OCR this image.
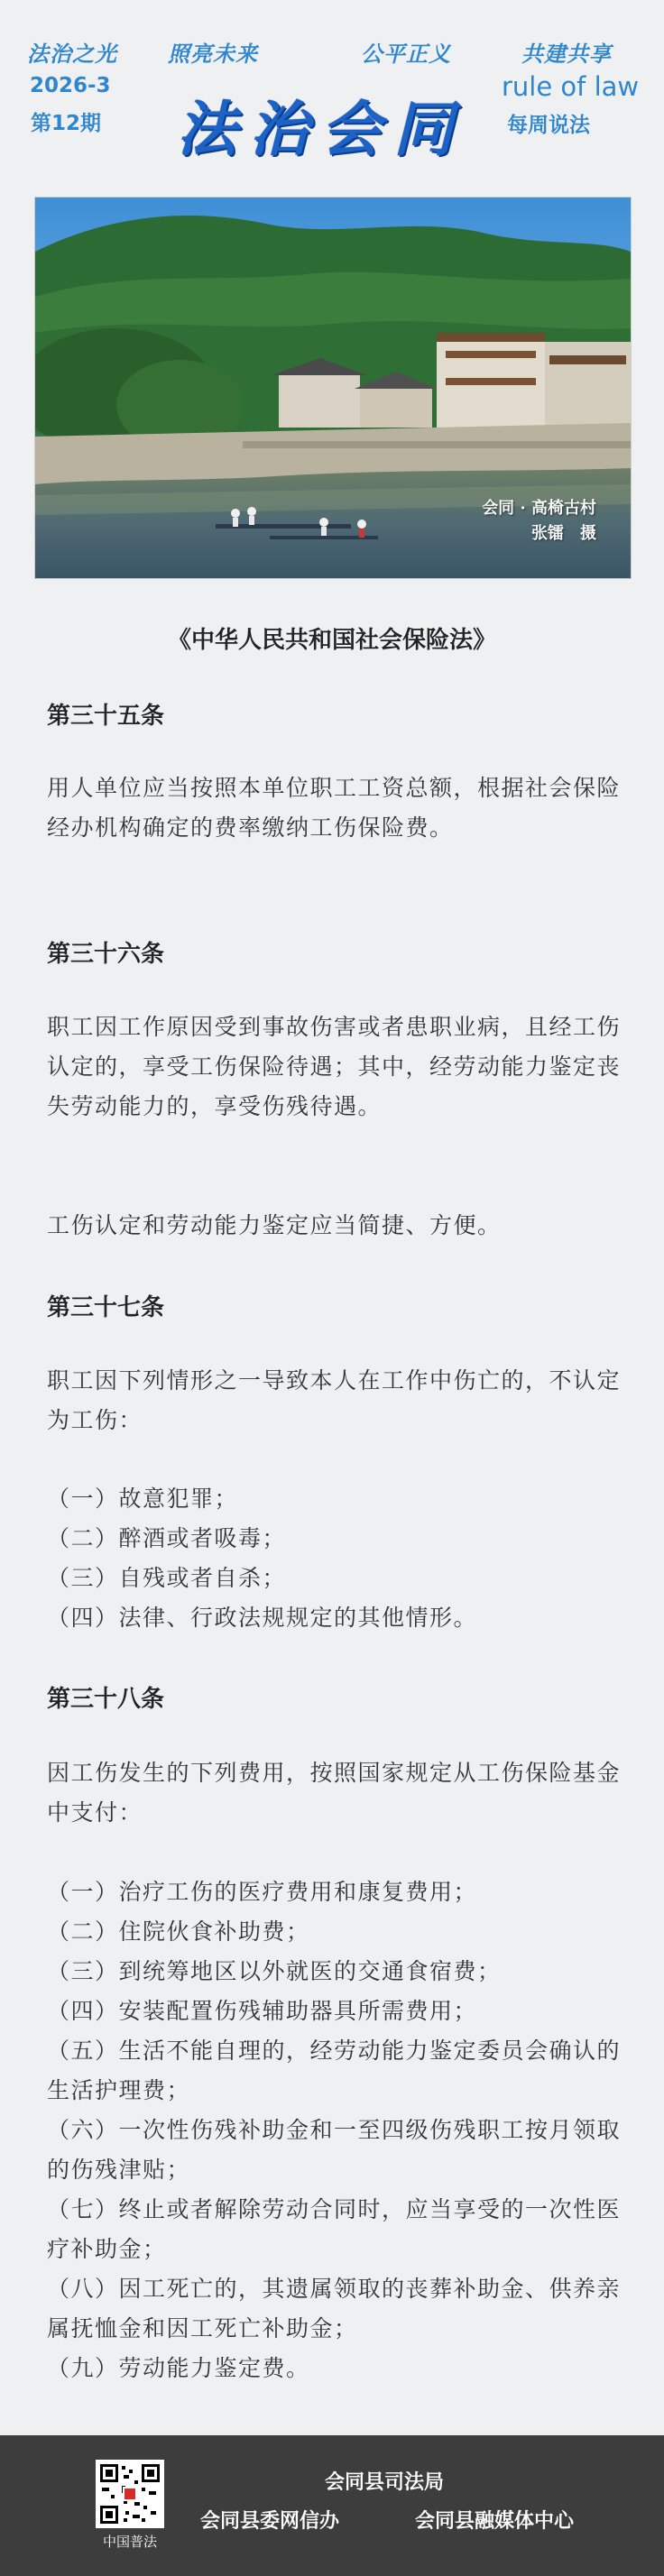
法治之光 照亮未来	公平正义	共建共享
2026-3
第12期 法治会同
rule of law
每周说法
会同 · 高椅古村
张镭　摄
《中华人民共和国社会保险法》
第三十五条
用人单位应当按照本单位职工工资总额，根据社会保险经办机构确定的费率缴纳工伤保险费。
第三十六条
职工因工作原因受到事故伤害或者患职业病，且经工伤认定的，享受工伤保险待遇；其中，经劳动能力鉴定丧失劳动能力的，享受伤残待遇。
工伤认定和劳动能力鉴定应当简捷、方便。
第三十七条
职工因下列情形之一导致本人在工作中伤亡的，不认定为工伤：
（一）故意犯罪；
（二）醉酒或者吸毒；
（三）自残或者自杀；
（四）法律、行政法规规定的其他情形。
第三十八条
因工伤发生的下列费用，按照国家规定从工伤保险基金中支付：
（一）治疗工伤的医疗费用和康复费用；
（二）住院伙食补助费；
（三）到统筹地区以外就医的交通食宿费；
（四）安装配置伤残辅助器具所需费用；
（五）生活不能自理的，经劳动能力鉴定委员会确认的生活护理费；
（六）一次性伤残补助金和一至四级伤残职工按月领取的伤残津贴；
（七）终止或者解除劳动合同时，应当享受的一次性医疗补助金；
（八）因工死亡的，其遗属领取的丧葬补助金、供养亲属抚恤金和因工死亡补助金；
（九）劳动能力鉴定费。
中国普法
会同县司法局
会同县委网信办	会同县融媒体中心
